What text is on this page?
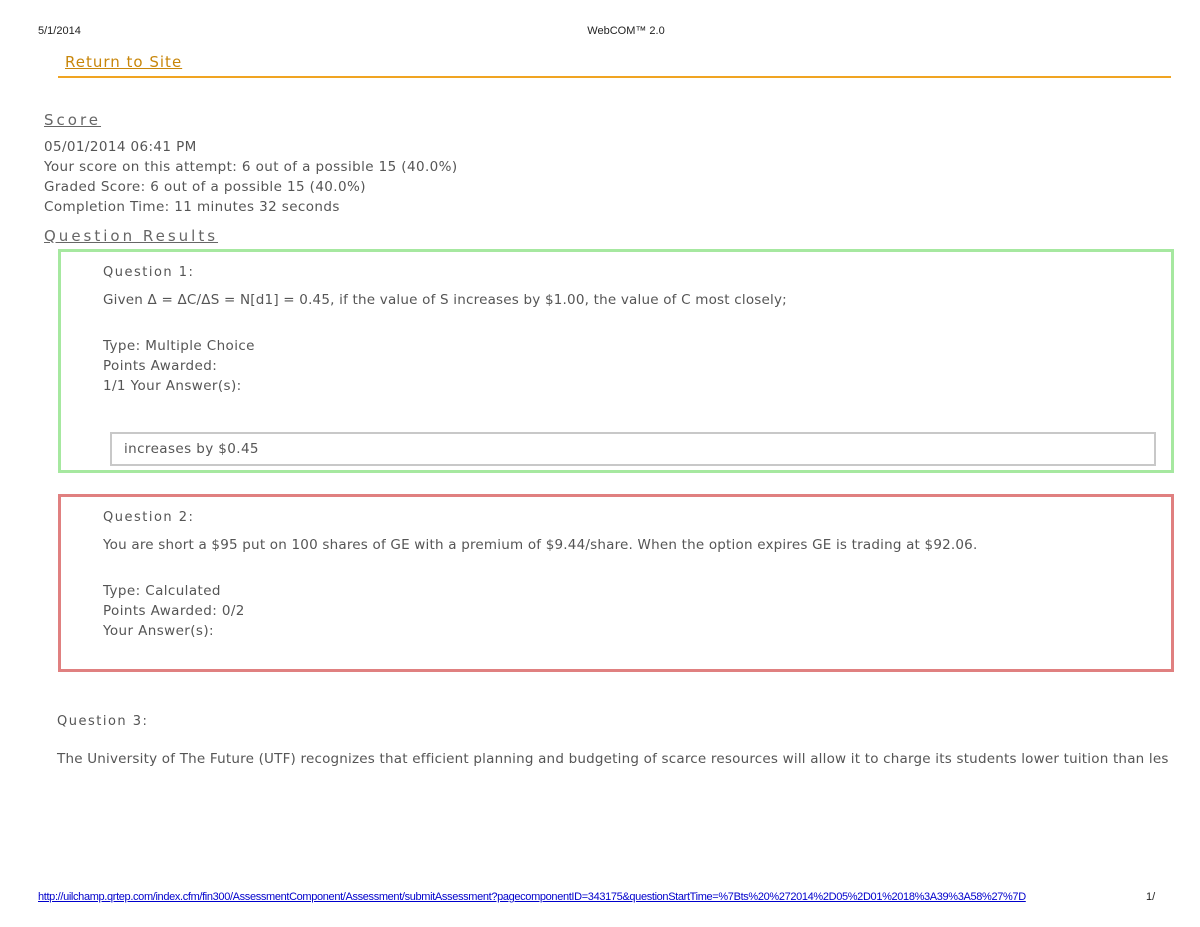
5/1/2014	WebCOM™ 2.0
Return to Site
Score
05/01/2014 06:41 PM
Your score on this attempt: 6 out of a possible 15 (40.0%)
Graded Score: 6 out of a possible 15 (40.0%)
Completion Time: 11 minutes 32 seconds
Question Results
Question 1:
Given Δ = ΔC/ΔS = N[d1] = 0.45, if the value of S increases by $1.00, the value of C most closely;
Type: Multiple Choice
Points Awarded:
1/1 Your Answer(s):
increases by $0.45
Question 2:
You are short a $95 put on 100 shares of GE with a premium of $9.44/share. When the option expires GE is trading at $92.06.
Type: Calculated
Points Awarded: 0/2
Your Answer(s):
Question 3:
The University of The Future (UTF) recognizes that efficient planning and budgeting of scarce resources will allow it to charge its students lower tuition than les
http://uilchamp.qrtep.com/index.cfm/fin300/AssessmentComponent/Assessment/submitAssessment?pagecomponentID=343175&questionStartTime=%7Bts%20%272014%2D05%2D01%2018%3A39%3A58%27%7D	1/
